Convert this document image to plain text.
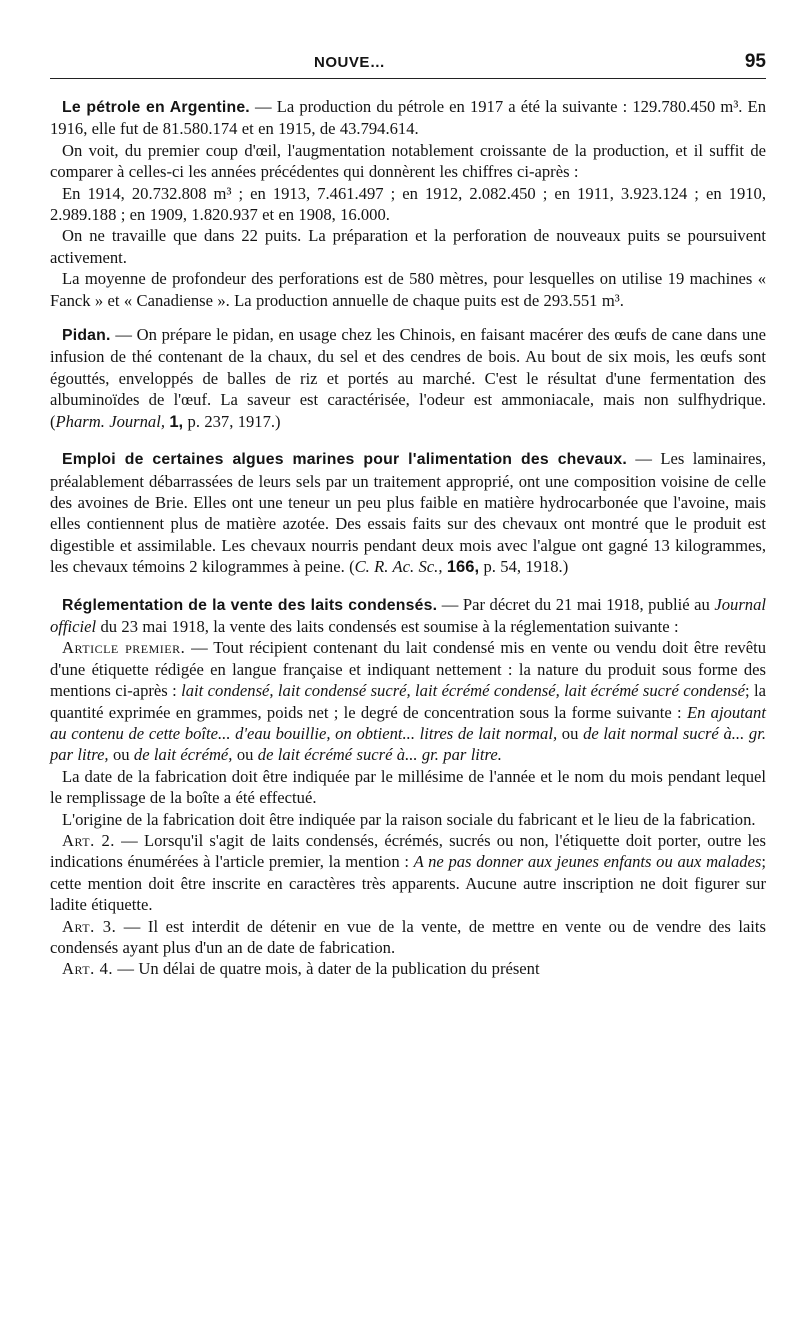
NOUVE…	95

Le pétrole en Argentine. — La production du pétrole en 1917 a été la suivante : 129.780.450 m³. En 1916, elle fut de 81.580.174 et en 1915, de 43.794.614.

On voit, du premier coup d'œil, l'augmentation notablement croissante de la production, et il suffit de comparer à celles-ci les années précédentes qui donnèrent les chiffres ci-après :

En 1914, 20.732.808 m³ ; en 1913, 7.461.497 ; en 1912, 2.082.450 ; en 1911, 3.923.124 ; en 1910, 2.989.188 ; en 1909, 1.820.937 et en 1908, 16.000.

On ne travaille que dans 22 puits. La préparation et la perforation de nouveaux puits se poursuivent activement.

La moyenne de profondeur des perforations est de 580 mètres, pour lesquelles on utilise 19 machines « Fanck » et « Canadiense ». La production annuelle de chaque puits est de 293.551 m³.

Pidan. — On prépare le pidan, en usage chez les Chinois, en faisant macérer des œufs de cane dans une infusion de thé contenant de la chaux, du sel et des cendres de bois. Au bout de six mois, les œufs sont égouttés, enveloppés de balles de riz et portés au marché. C'est le résultat d'une fermentation des albuminoïdes de l'œuf. La saveur est caractérisée, l'odeur est ammoniacale, mais non sulfhydrique. (Pharm. Journal, 1, p. 237, 1917.)

Emploi de certaines algues marines pour l'alimentation des chevaux. — Les laminaires, préalablement débarrassées de leurs sels par un traitement approprié, ont une composition voisine de celle des avoines de Brie. Elles ont une teneur un peu plus faible en matière hydrocarbonée que l'avoine, mais elles contiennent plus de matière azotée. Des essais faits sur des chevaux ont montré que le produit est digestible et assimilable. Les chevaux nourris pendant deux mois avec l'algue ont gagné 13 kilogrammes, les chevaux témoins 2 kilogrammes à peine. (C. R. Ac. Sc., 166, p. 54, 1918.)

Réglementation de la vente des laits condensés. — Par décret du 21 mai 1918, publié au Journal officiel du 23 mai 1918, la vente des laits condensés est soumise à la réglementation suivante :

Article premier. — Tout récipient contenant du lait condensé mis en vente ou vendu doit être revêtu d'une étiquette rédigée en langue française et indiquant nettement : la nature du produit sous forme des mentions ci-après : lait condensé, lait condensé sucré, lait écrémé condensé, lait écrémé sucré condensé; la quantité exprimée en grammes, poids net ; le degré de concentration sous la forme suivante : En ajoutant au contenu de cette boîte... d'eau bouillie, on obtient... litres de lait normal, ou de lait normal sucré à... gr. par litre, ou de lait écrémé, ou de lait écrémé sucré à... gr. par litre.

La date de la fabrication doit être indiquée par le millésime de l'année et le nom du mois pendant lequel le remplissage de la boîte a été effectué.

L'origine de la fabrication doit être indiquée par la raison sociale du fabricant et le lieu de la fabrication.

Art. 2. — Lorsqu'il s'agit de laits condensés, écrémés, sucrés ou non, l'étiquette doit porter, outre les indications énumérées à l'article premier, la mention : A ne pas donner aux jeunes enfants ou aux malades; cette mention doit être inscrite en caractères très apparents. Aucune autre inscription ne doit figurer sur ladite étiquette.

Art. 3. — Il est interdit de détenir en vue de la vente, de mettre en vente ou de vendre des laits condensés ayant plus d'un an de date de fabrication.

Art. 4. — Un délai de quatre mois, à dater de la publication du présent
